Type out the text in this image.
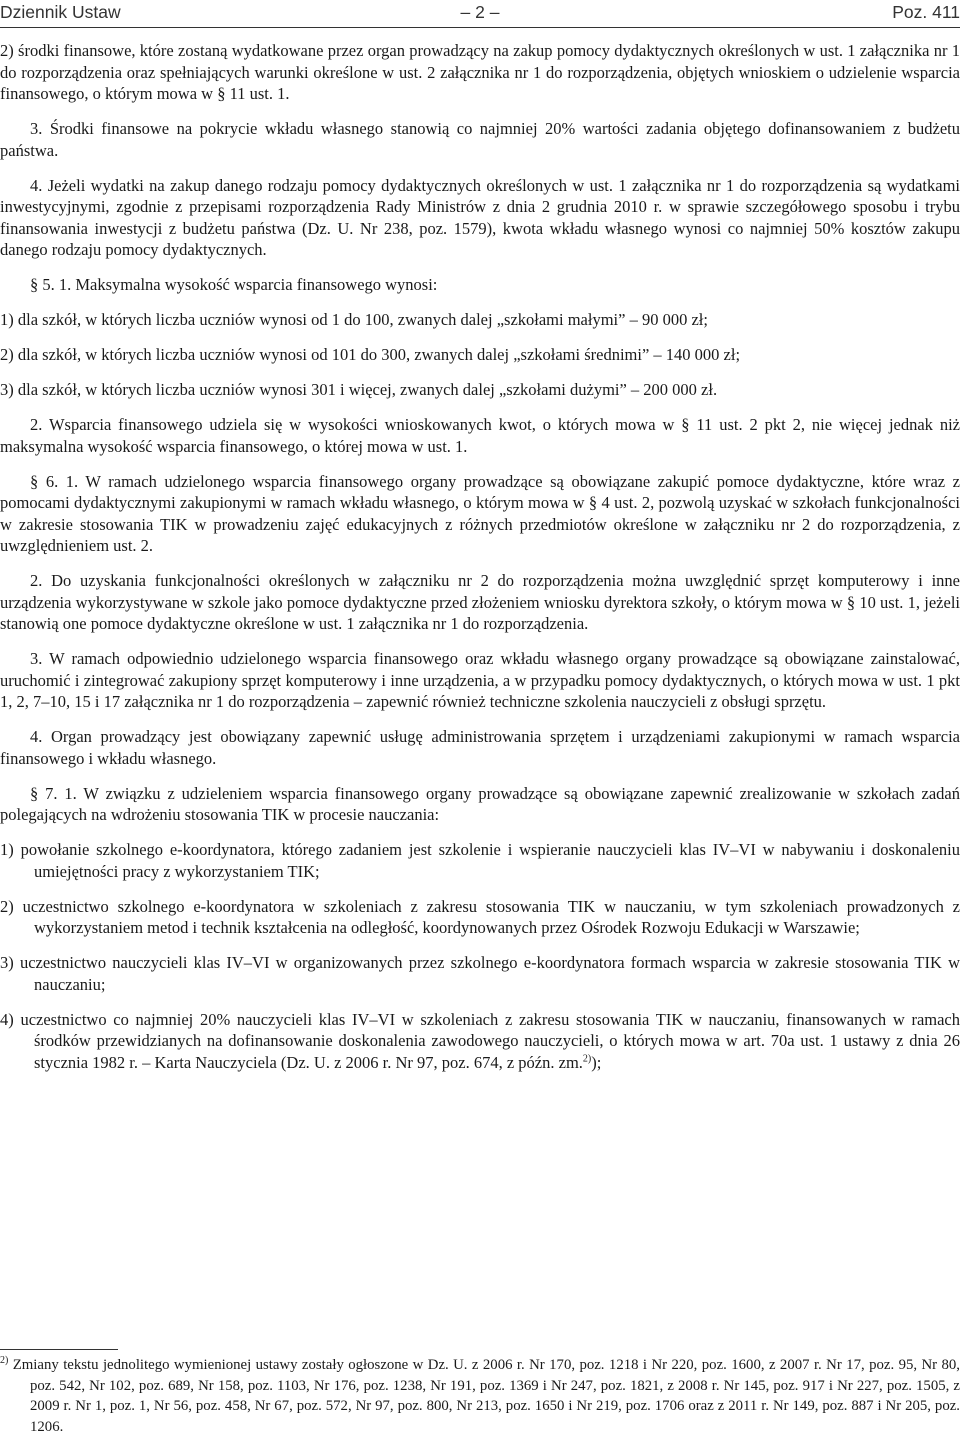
Dziennik Ustaw	– 2 –	Poz. 411

2) środki finansowe, które zostaną wydatkowane przez organ prowadzący na zakup pomocy dydaktycznych określonych w ust. 1 załącznika nr 1 do rozporządzenia oraz spełniających warunki określone w ust. 2 załącznika nr 1 do rozporządzenia, objętych wnioskiem o udzielenie wsparcia finansowego, o którym mowa w § 11 ust. 1.

3. Środki finansowe na pokrycie wkładu własnego stanowią co najmniej 20% wartości zadania objętego dofinansowaniem z budżetu państwa.

4. Jeżeli wydatki na zakup danego rodzaju pomocy dydaktycznych określonych w ust. 1 załącznika nr 1 do rozporządzenia są wydatkami inwestycyjnymi, zgodnie z przepisami rozporządzenia Rady Ministrów z dnia 2 grudnia 2010 r. w sprawie szczegółowego sposobu i trybu finansowania inwestycji z budżetu państwa (Dz. U. Nr 238, poz. 1579), kwota wkładu własnego wynosi co najmniej 50% kosztów zakupu danego rodzaju pomocy dydaktycznych.

§ 5. 1. Maksymalna wysokość wsparcia finansowego wynosi:

1) dla szkół, w których liczba uczniów wynosi od 1 do 100, zwanych dalej „szkołami małymi” – 90 000 zł;

2) dla szkół, w których liczba uczniów wynosi od 101 do 300, zwanych dalej „szkołami średnimi” – 140 000 zł;

3) dla szkół, w których liczba uczniów wynosi 301 i więcej, zwanych dalej „szkołami dużymi” – 200 000 zł.

2. Wsparcia finansowego udziela się w wysokości wnioskowanych kwot, o których mowa w § 11 ust. 2 pkt 2, nie więcej jednak niż maksymalna wysokość wsparcia finansowego, o której mowa w ust. 1.

§ 6. 1. W ramach udzielonego wsparcia finansowego organy prowadzące są obowiązane zakupić pomoce dydaktyczne, które wraz z pomocami dydaktycznymi zakupionymi w ramach wkładu własnego, o którym mowa w § 4 ust. 2, pozwolą uzyskać w szkołach funkcjonalności w zakresie stosowania TIK w prowadzeniu zajęć edukacyjnych z różnych przedmiotów określone w załączniku nr 2 do rozporządzenia, z uwzględnieniem ust. 2.

2. Do uzyskania funkcjonalności określonych w załączniku nr 2 do rozporządzenia można uwzględnić sprzęt komputerowy i inne urządzenia wykorzystywane w szkole jako pomoce dydaktyczne przed złożeniem wniosku dyrektora szkoły, o którym mowa w § 10 ust. 1, jeżeli stanowią one pomoce dydaktyczne określone w ust. 1 załącznika nr 1 do rozporządzenia.

3. W ramach odpowiednio udzielonego wsparcia finansowego oraz wkładu własnego organy prowadzące są obowiązane zainstalować, uruchomić i zintegrować zakupiony sprzęt komputerowy i inne urządzenia, a w przypadku pomocy dydaktycznych, o których mowa w ust. 1 pkt 1, 2, 7–10, 15 i 17 załącznika nr 1 do rozporządzenia – zapewnić również techniczne szkolenia nauczycieli z obsługi sprzętu.

4. Organ prowadzący jest obowiązany zapewnić usługę administrowania sprzętem i urządzeniami zakupionymi w ramach wsparcia finansowego i wkładu własnego.

§ 7. 1. W związku z udzieleniem wsparcia finansowego organy prowadzące są obowiązane zapewnić zrealizowanie w szkołach zadań polegających na wdrożeniu stosowania TIK w procesie nauczania:

1) powołanie szkolnego e-koordynatora, którego zadaniem jest szkolenie i wspieranie nauczycieli klas IV–VI w nabywaniu i doskonaleniu umiejętności pracy z wykorzystaniem TIK;

2) uczestnictwo szkolnego e-koordynatora w szkoleniach z zakresu stosowania TIK w nauczaniu, w tym szkoleniach prowadzonych z wykorzystaniem metod i technik kształcenia na odległość, koordynowanych przez Ośrodek Rozwoju Edukacji w Warszawie;

3) uczestnictwo nauczycieli klas IV–VI w organizowanych przez szkolnego e-koordynatora formach wsparcia w zakresie stosowania TIK w nauczaniu;

4) uczestnictwo co najmniej 20% nauczycieli klas IV–VI w szkoleniach z zakresu stosowania TIK w nauczaniu, finansowanych w ramach środków przewidzianych na dofinansowanie doskonalenia zawodowego nauczycieli, o których mowa w art. 70a ust. 1 ustawy z dnia 26 stycznia 1982 r. – Karta Nauczyciela (Dz. U. z 2006 r. Nr 97, poz. 674, z późn. zm.$^{2)}$);

$^{2)}$ Zmiany tekstu jednolitego wymienionej ustawy zostały ogłoszone w Dz. U. z 2006 r. Nr 170, poz. 1218 i Nr 220, poz. 1600, z 2007 r. Nr 17, poz. 95, Nr 80, poz. 542, Nr 102, poz. 689, Nr 158, poz. 1103, Nr 176, poz. 1238, Nr 191, poz. 1369 i Nr 247, poz. 1821, z 2008 r. Nr 145, poz. 917 i Nr 227, poz. 1505, z 2009 r. Nr 1, poz. 1, Nr 56, poz. 458, Nr 67, poz. 572, Nr 97, poz. 800, Nr 213, poz. 1650 i Nr 219, poz. 1706 oraz z 2011 r. Nr 149, poz. 887 i Nr 205, poz. 1206.
